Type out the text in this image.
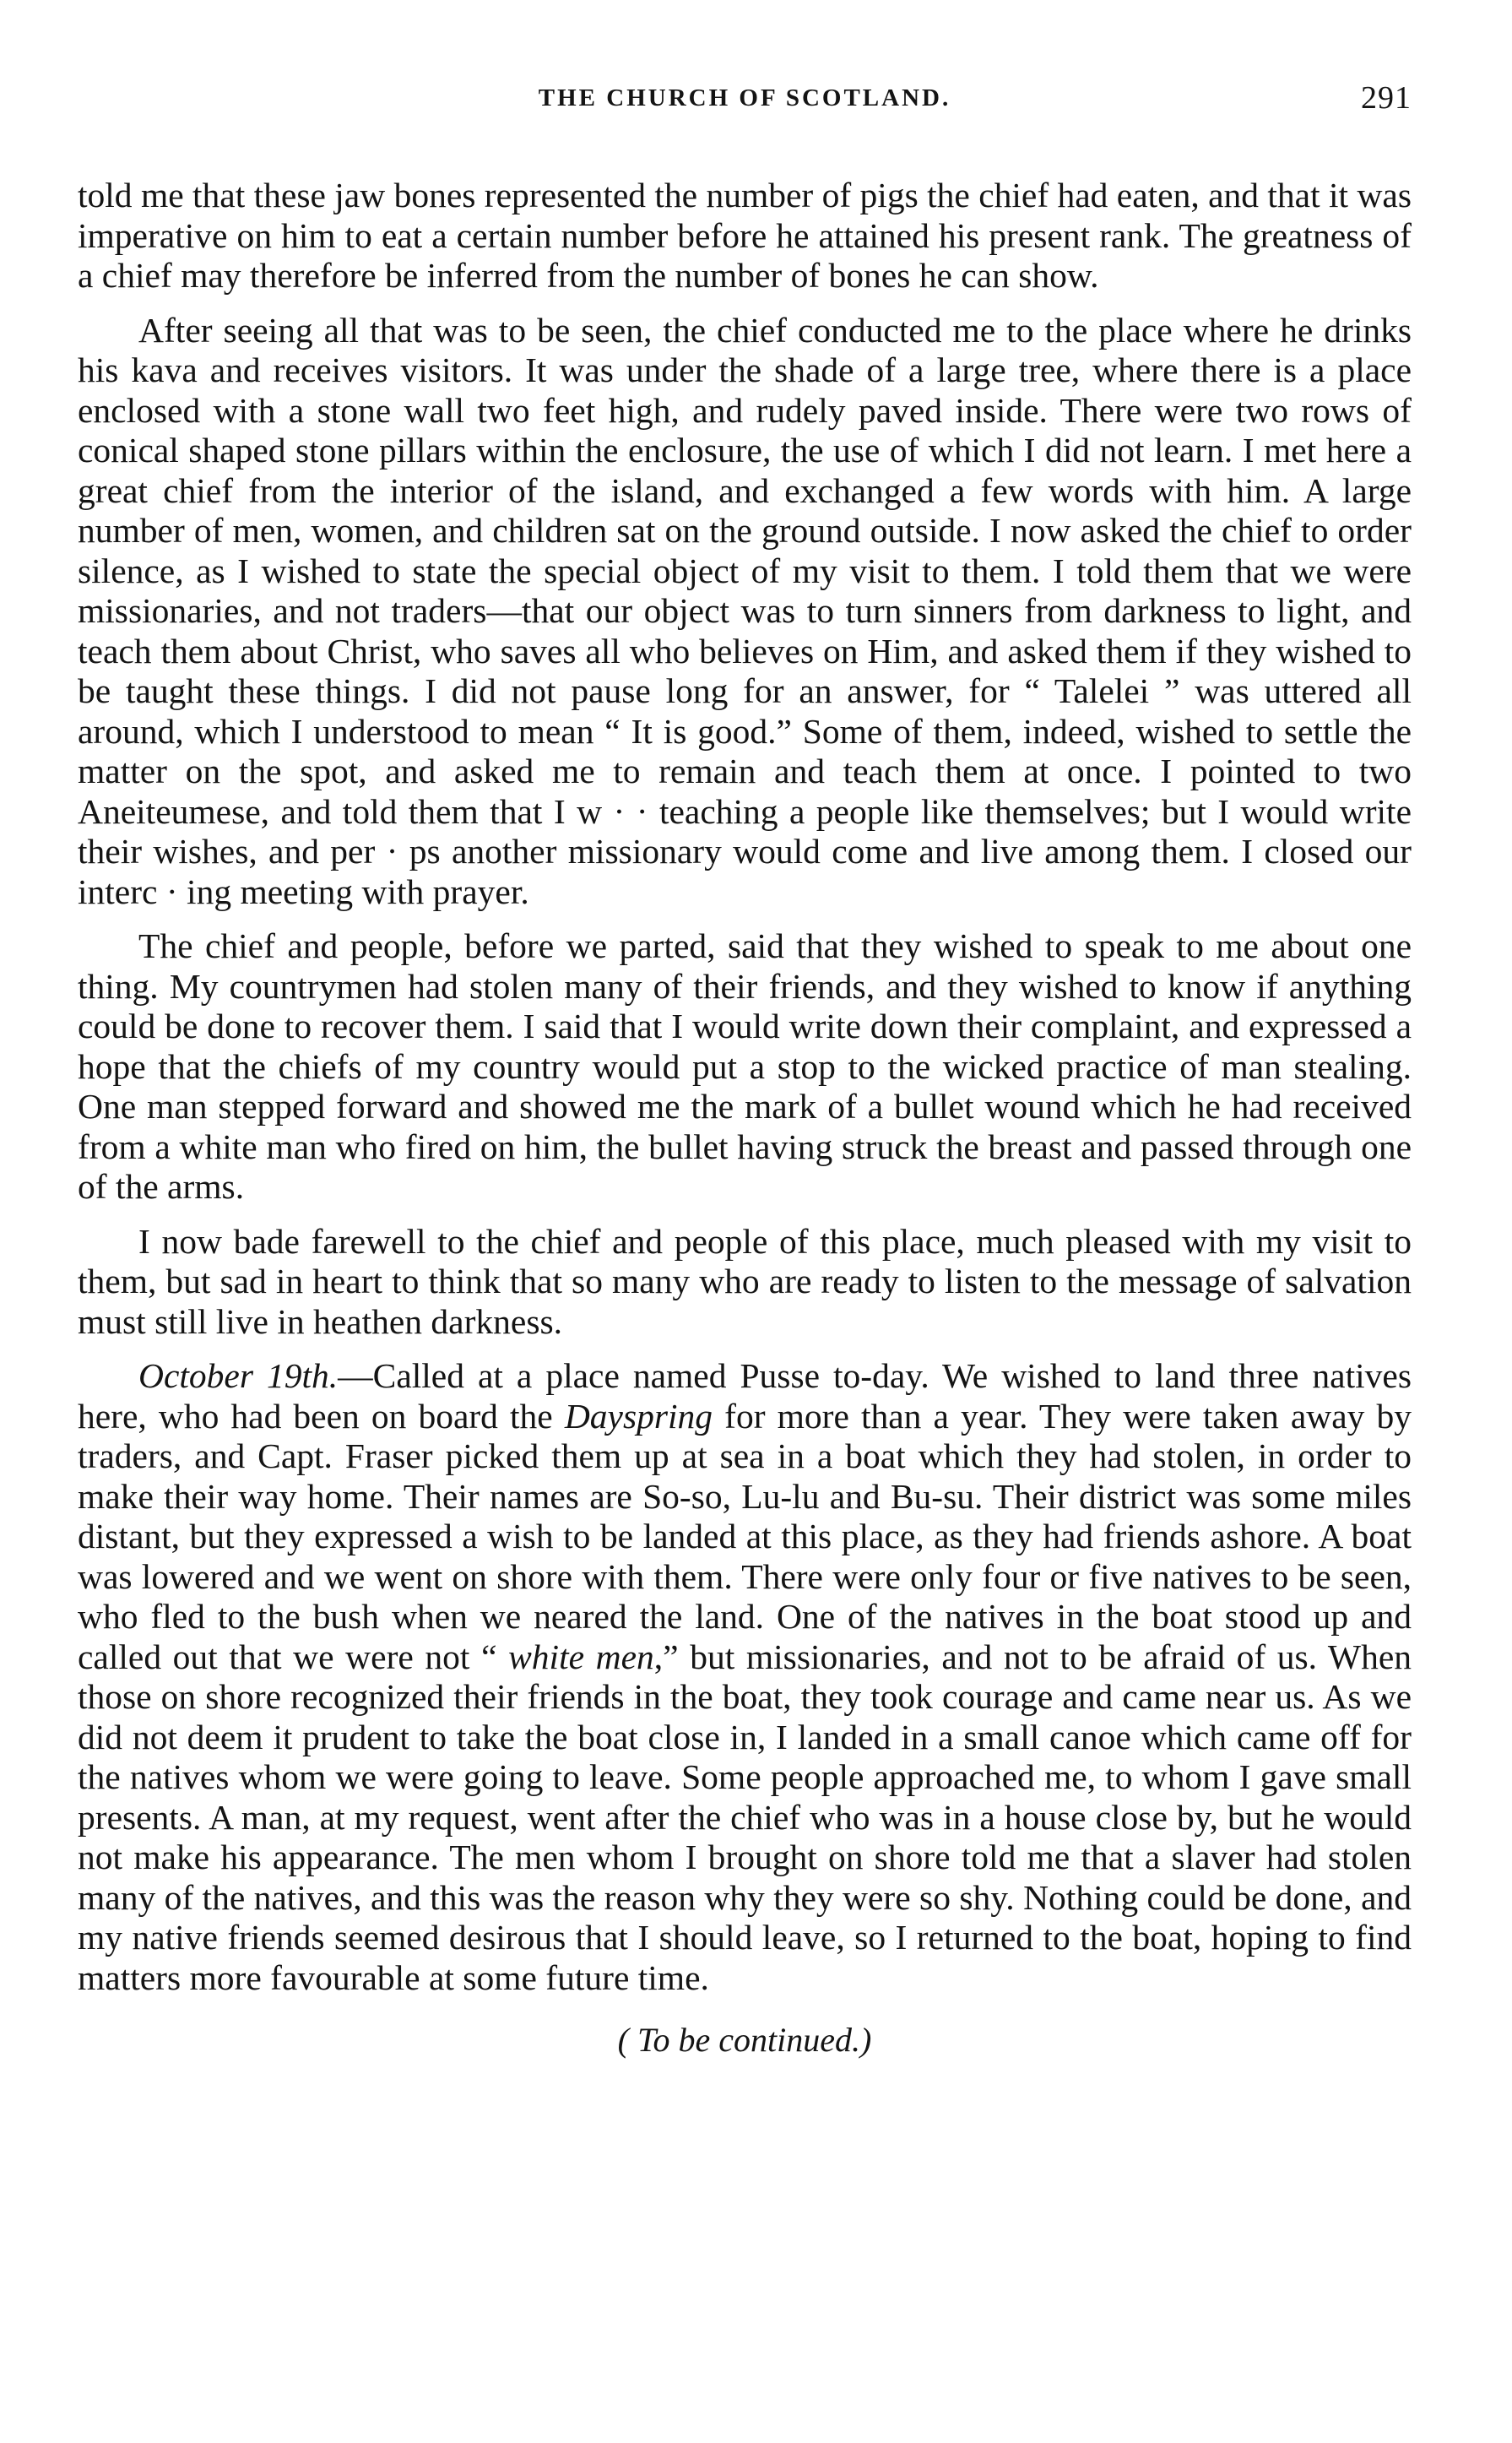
THE CHURCH OF SCOTLAND.	291

told me that these jaw bones represented the number of pigs the chief had eaten, and that it was imperative on him to eat a certain number before he attained his present rank. The greatness of a chief may therefore be inferred from the number of bones he can show.

After seeing all that was to be seen, the chief conducted me to the place where he drinks his kava and receives visitors. It was under the shade of a large tree, where there is a place enclosed with a stone wall two feet high, and rudely paved inside. There were two rows of conical shaped stone pillars within the enclosure, the use of which I did not learn. I met here a great chief from the interior of the island, and exchanged a few words with him. A large number of men, women, and children sat on the ground outside. I now asked the chief to order silence, as I wished to state the special object of my visit to them. I told them that we were missionaries, and not traders—that our object was to turn sinners from darkness to light, and teach them about Christ, who saves all who believes on Him, and asked them if they wished to be taught these things. I did not pause long for an answer, for “ Talelei ” was uttered all around, which I understood to mean “ It is good.” Some of them, indeed, wished to settle the matter on the spot, and asked me to remain and teach them at once. I pointed to two Aneiteumese, and told them that I w · · teaching a people like themselves; but I would write their wishes, and per · ps another missionary would come and live among them. I closed our interc · ing meeting with prayer.

The chief and people, before we parted, said that they wished to speak to me about one thing. My countrymen had stolen many of their friends, and they wished to know if anything could be done to recover them. I said that I would write down their complaint, and expressed a hope that the chiefs of my country would put a stop to the wicked practice of man stealing. One man stepped forward and showed me the mark of a bullet wound which he had received from a white man who fired on him, the bullet having struck the breast and passed through one of the arms.

I now bade farewell to the chief and people of this place, much pleased with my visit to them, but sad in heart to think that so many who are ready to listen to the message of salvation must still live in heathen darkness.

October 19th.—Called at a place named Pusse to-day. We wished to land three natives here, who had been on board the Dayspring for more than a year. They were taken away by traders, and Capt. Fraser picked them up at sea in a boat which they had stolen, in order to make their way home. Their names are So-so, Lu-lu and Bu-su. Their district was some miles distant, but they expressed a wish to be landed at this place, as they had friends ashore. A boat was lowered and we went on shore with them. There were only four or five natives to be seen, who fled to the bush when we neared the land. One of the natives in the boat stood up and called out that we were not “ white men,” but missionaries, and not to be afraid of us. When those on shore recognized their friends in the boat, they took courage and came near us. As we did not deem it prudent to take the boat close in, I landed in a small canoe which came off for the natives whom we were going to leave. Some people approached me, to whom I gave small presents. A man, at my request, went after the chief who was in a house close by, but he would not make his appearance. The men whom I brought on shore told me that a slaver had stolen many of the natives, and this was the reason why they were so shy. Nothing could be done, and my native friends seemed desirous that I should leave, so I returned to the boat, hoping to find matters more favourable at some future time.

( To be continued.)
